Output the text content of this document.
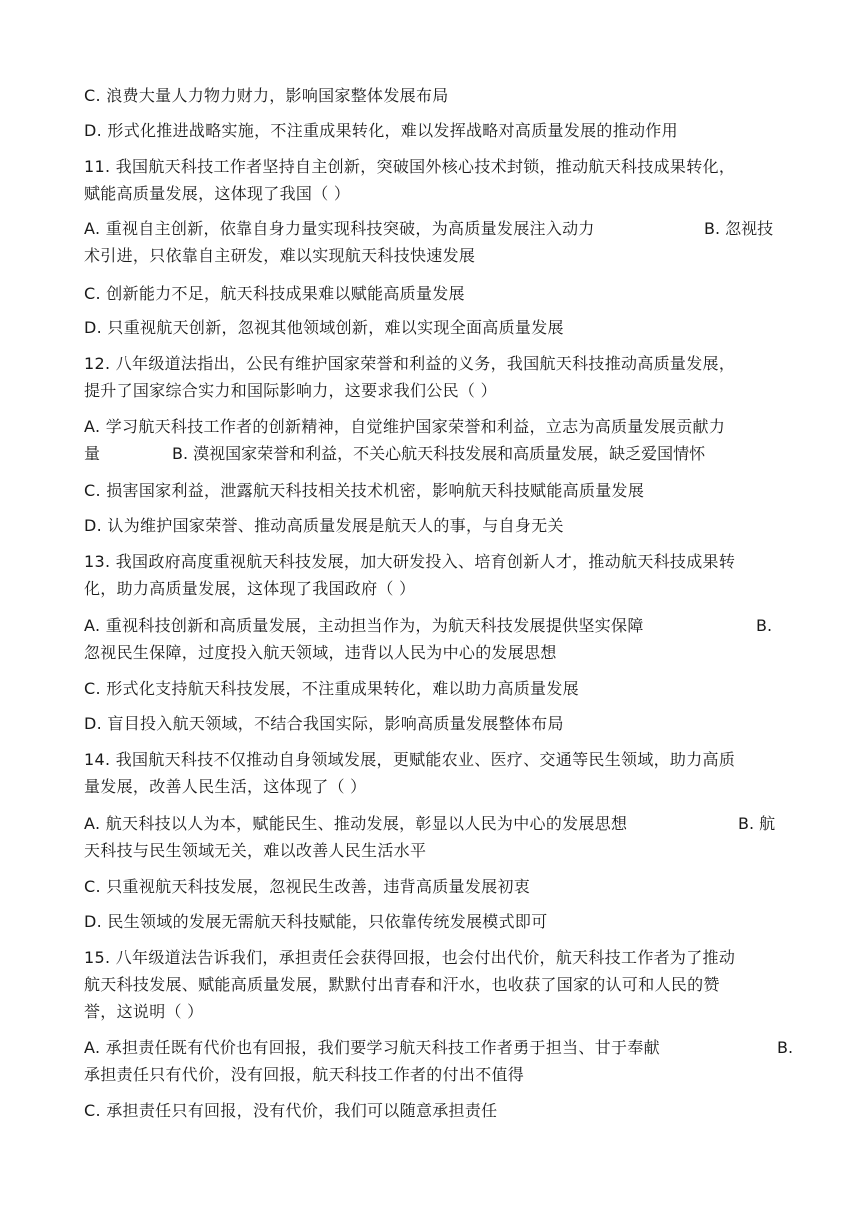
C. 浪费大量人力物力财力，影响国家整体发展布局
D. 形式化推进战略实施，不注重成果转化，难以发挥战略对高质量发展的推动作用
11. 我国航天科技工作者坚持自主创新，突破国外核心技术封锁，推动航天科技成果转化，
赋能高质量发展，这体现了我国（ ）
A. 重视自主创新，依靠自身力量实现科技突破，为高质量发展注入动力	B. 忽视技
术引进，只依靠自主研发，难以实现航天科技快速发展
C. 创新能力不足，航天科技成果难以赋能高质量发展
D. 只重视航天创新，忽视其他领域创新，难以实现全面高质量发展
12. 八年级道法指出，公民有维护国家荣誉和利益的义务，我国航天科技推动高质量发展，
提升了国家综合实力和国际影响力，这要求我们公民（ ）
A. 学习航天科技工作者的创新精神，自觉维护国家荣誉和利益，立志为高质量发展贡献力
量	B. 漠视国家荣誉和利益，不关心航天科技发展和高质量发展，缺乏爱国情怀
C. 损害国家利益，泄露航天科技相关技术机密，影响航天科技赋能高质量发展
D. 认为维护国家荣誉、推动高质量发展是航天人的事，与自身无关
13. 我国政府高度重视航天科技发展，加大研发投入、培育创新人才，推动航天科技成果转
化，助力高质量发展，这体现了我国政府（ ）
A. 重视科技创新和高质量发展，主动担当作为，为航天科技发展提供坚实保障	B.
忽视民生保障，过度投入航天领域，违背以人民为中心的发展思想
C. 形式化支持航天科技发展，不注重成果转化，难以助力高质量发展
D. 盲目投入航天领域，不结合我国实际，影响高质量发展整体布局
14. 我国航天科技不仅推动自身领域发展，更赋能农业、医疗、交通等民生领域，助力高质
量发展，改善人民生活，这体现了（ ）
A. 航天科技以人为本，赋能民生、推动发展，彰显以人民为中心的发展思想	B. 航
天科技与民生领域无关，难以改善人民生活水平
C. 只重视航天科技发展，忽视民生改善，违背高质量发展初衷
D. 民生领域的发展无需航天科技赋能，只依靠传统发展模式即可
15. 八年级道法告诉我们，承担责任会获得回报，也会付出代价，航天科技工作者为了推动
航天科技发展、赋能高质量发展，默默付出青春和汗水，也收获了国家的认可和人民的赞
誉，这说明（ ）
A. 承担责任既有代价也有回报，我们要学习航天科技工作者勇于担当、甘于奉献	B.
承担责任只有代价，没有回报，航天科技工作者的付出不值得
C. 承担责任只有回报，没有代价，我们可以随意承担责任
